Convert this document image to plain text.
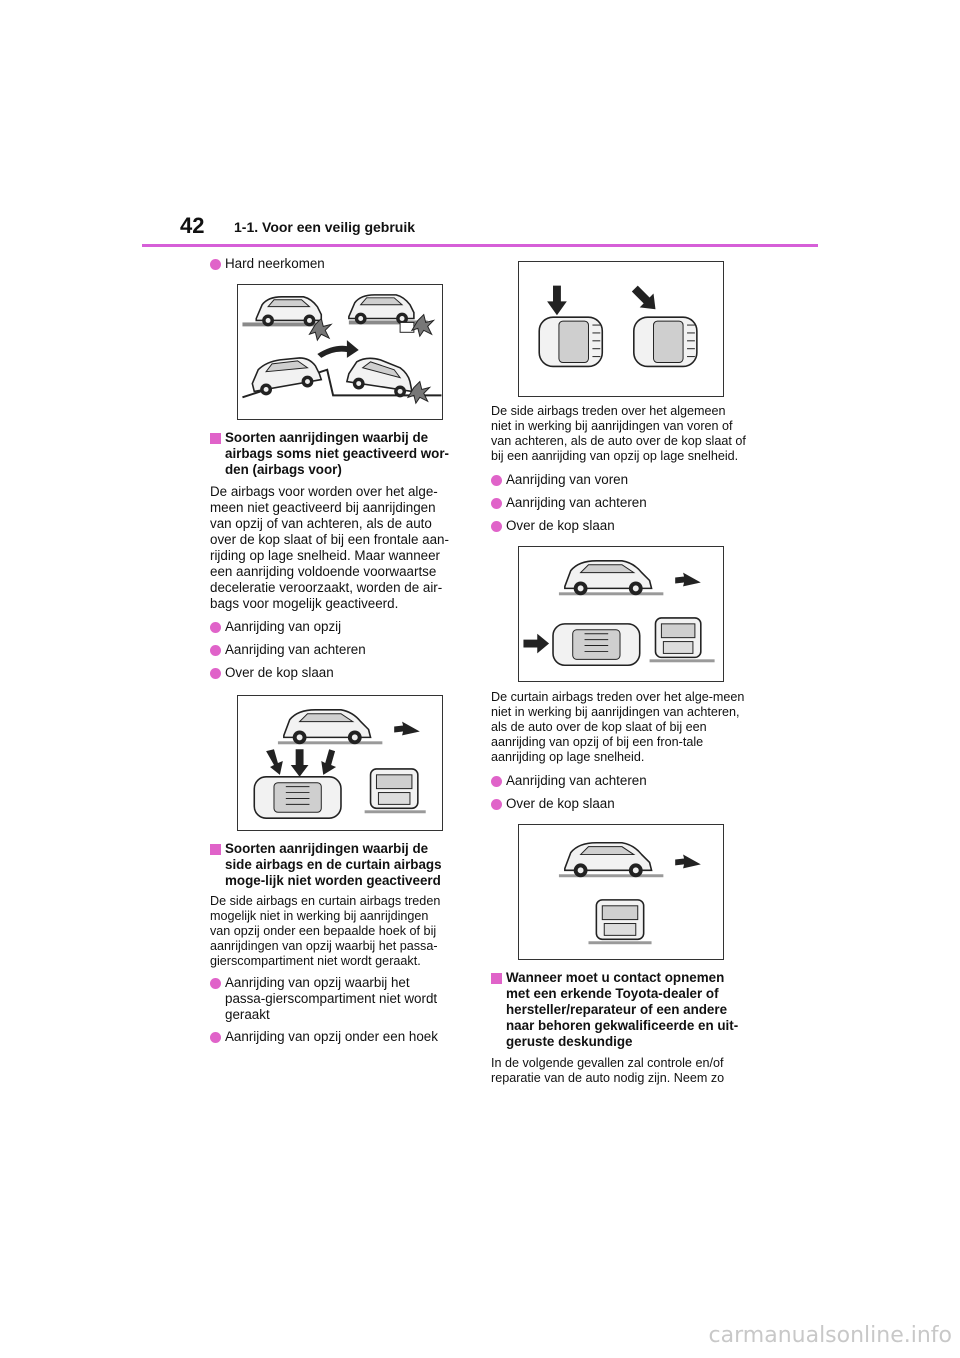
42 1-1. Voor een veilig gebruik

Hard neerkomen

Soorten aanrijdingen waarbij de airbags soms niet geactiveerd wor-den (airbags voor)

De airbags voor worden over het alge-meen niet geactiveerd bij aanrijdingen van opzij of van achteren, als de auto over de kop slaat of bij een frontale aan-rijding op lage snelheid. Maar wanneer een aanrijding voldoende voorwaartse deceleratie veroorzaakt, worden de air-bags voor mogelijk geactiveerd.

Aanrijding van opzij

Aanrijding van achteren

Over de kop slaan

Soorten aanrijdingen waarbij de side airbags en de curtain airbags moge-lijk niet worden geactiveerd

De side airbags en curtain airbags treden mogelijk niet in werking bij aanrijdingen van opzij onder een bepaalde hoek of bij aanrijdingen van opzij waarbij het passa-gierscompartiment niet wordt geraakt.

Aanrijding van opzij waarbij het passa-gierscompartiment niet wordt geraakt

Aanrijding van opzij onder een hoek

De side airbags treden over het algemeen niet in werking bij aanrijdingen van voren of van achteren, als de auto over de kop slaat of bij een aanrijding van opzij op lage snelheid.

Aanrijding van voren

Aanrijding van achteren

Over de kop slaan

De curtain airbags treden over het alge-meen niet in werking bij aanrijdingen van achteren, als de auto over de kop slaat of bij een aanrijding van opzij of bij een fron-tale aanrijding op lage snelheid.

Aanrijding van achteren

Over de kop slaan

Wanneer moet u contact opnemen met een erkende Toyota-dealer of hersteller/reparateur of een andere naar behoren gekwalificeerde en uit-geruste deskundige

In de volgende gevallen zal controle en/of reparatie van de auto nodig zijn. Neem zo

carmanualsonline.info
